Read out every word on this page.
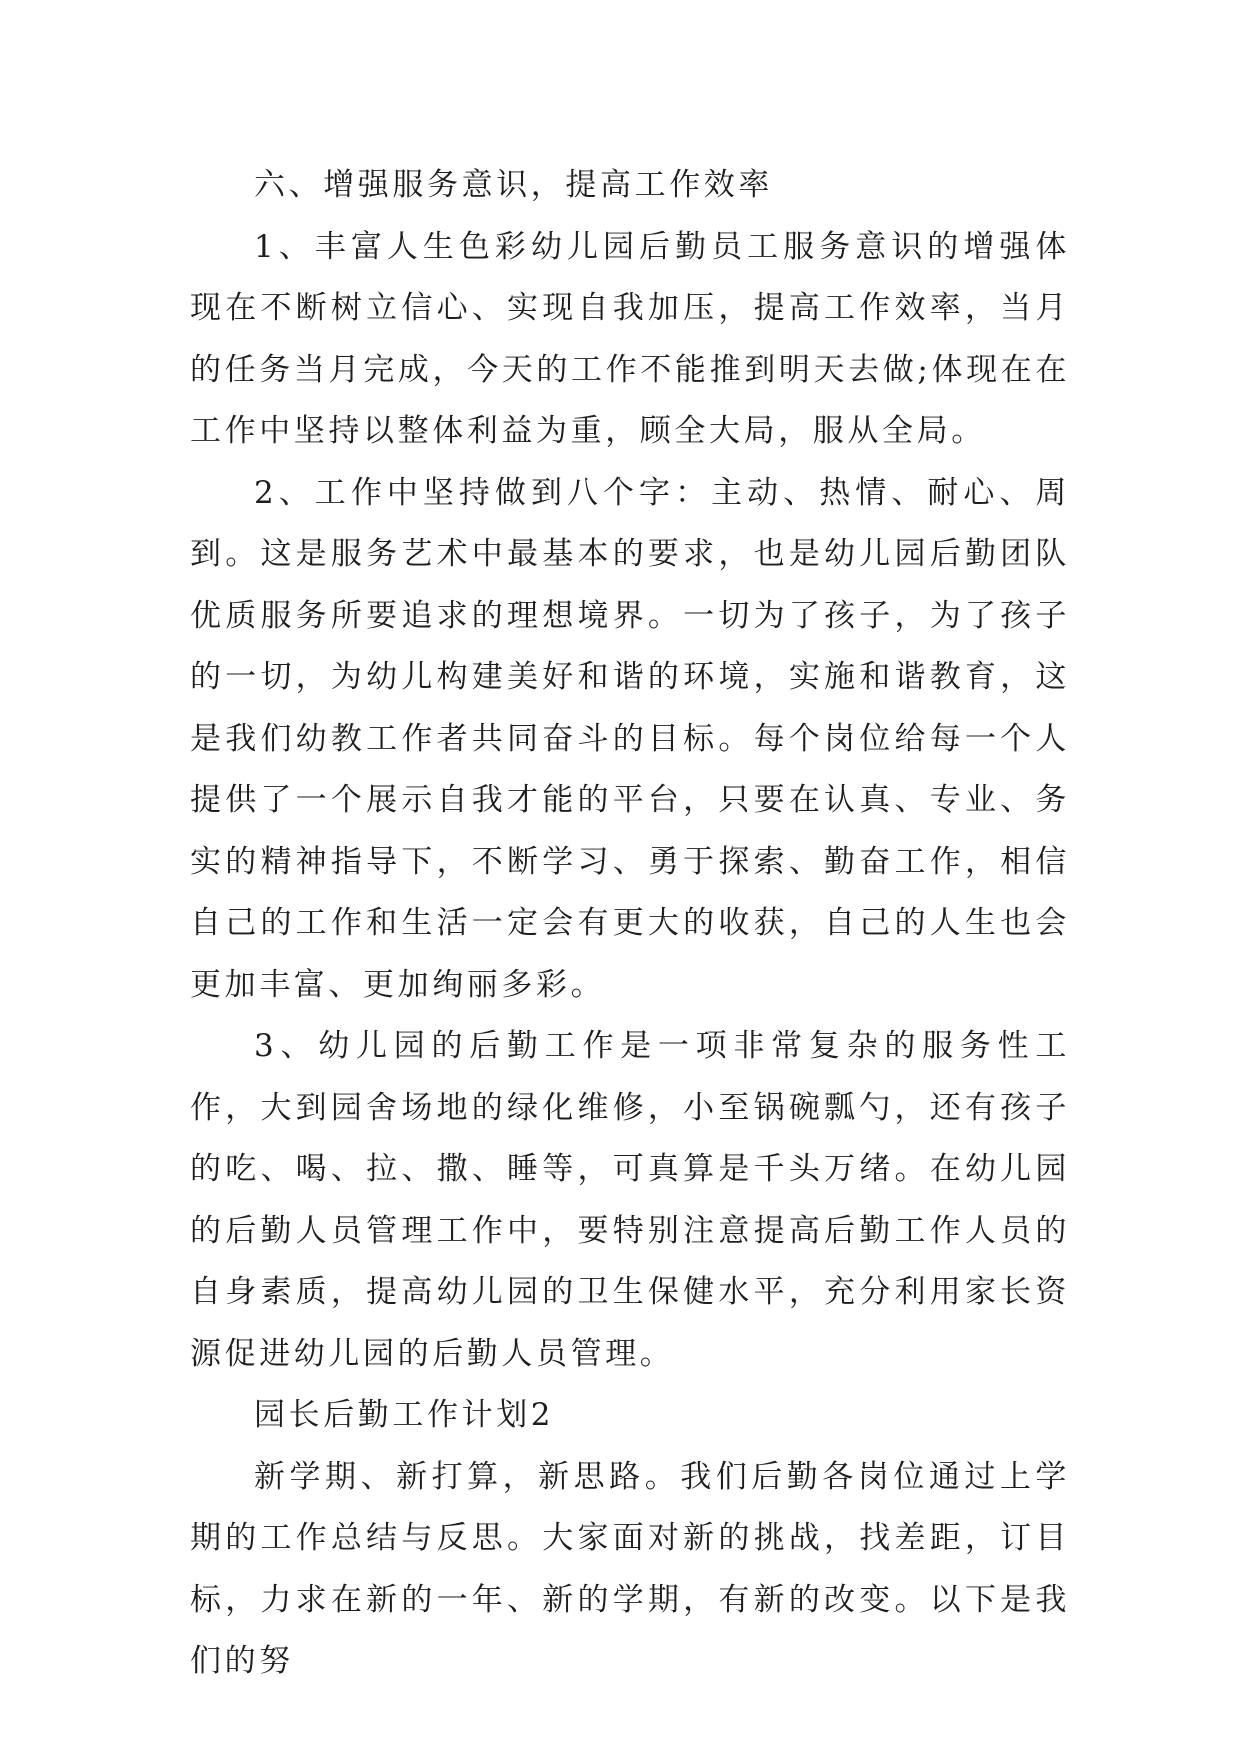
六、增强服务意识，提高工作效率

1、丰富人生色彩幼儿园后勤员工服务意识的增强体现在不断树立信心、实现自我加压，提高工作效率，当月的任务当月完成，今天的工作不能推到明天去做;体现在在工作中坚持以整体利益为重，顾全大局，服从全局。

2、工作中坚持做到八个字：主动、热情、耐心、周到。这是服务艺术中最基本的要求，也是幼儿园后勤团队优质服务所要追求的理想境界。一切为了孩子，为了孩子的一切，为幼儿构建美好和谐的环境，实施和谐教育，这是我们幼教工作者共同奋斗的目标。每个岗位给每一个人提供了一个展示自我才能的平台，只要在认真、专业、务实的精神指导下，不断学习、勇于探索、勤奋工作，相信自己的工作和生活一定会有更大的收获，自己的人生也会更加丰富、更加绚丽多彩。

3、幼儿园的后勤工作是一项非常复杂的服务性工作，大到园舍场地的绿化维修，小至锅碗瓢勺，还有孩子的吃、喝、拉、撒、睡等，可真算是千头万绪。在幼儿园的后勤人员管理工作中，要特别注意提高后勤工作人员的自身素质，提高幼儿园的卫生保健水平，充分利用家长资源促进幼儿园的后勤人员管理。

园长后勤工作计划2

新学期、新打算，新思路。我们后勤各岗位通过上学期的工作总结与反思。大家面对新的挑战，找差距，订目标，力求在新的一年、新的学期，有新的改变。以下是我们的努
